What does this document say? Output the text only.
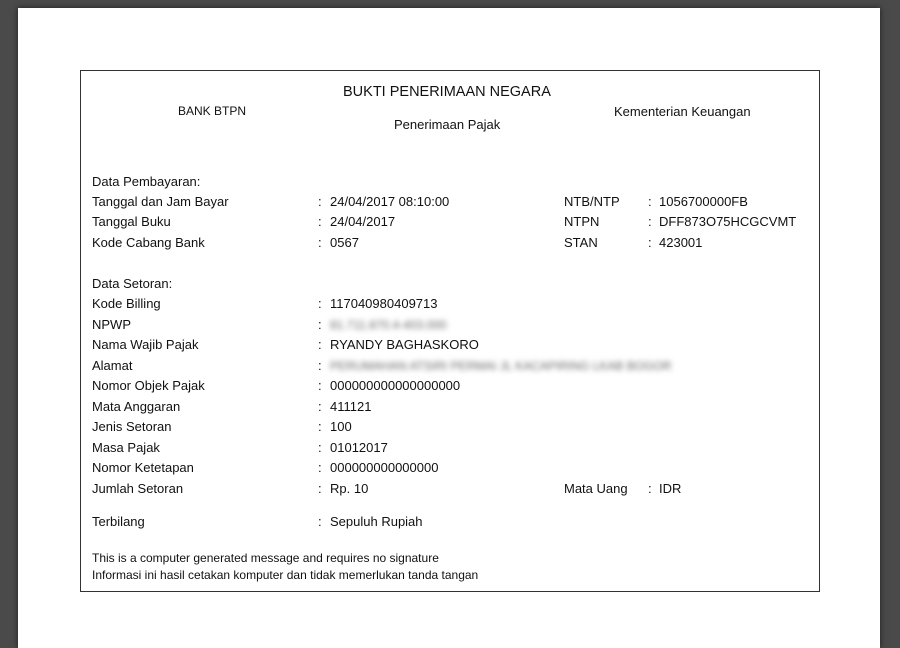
BUKTI PENERIMAAN NEGARA
BANK BTPN
Penerimaan Pajak
Kementerian Keuangan
Data Pembayaran:
Tanggal dan Jam Bayar	: 24/04/2017 08:10:00	NTB/NTP : 1056700000FB
Tanggal Buku	: 24/04/2017	NTPN	: DFF873O75HCGCVMT
Kode Cabang Bank	: 0567	STAN	: 423001
Data Setoran:
Kode Billing	: 117040980409713
NPWP	: 81.711.870.4-403.000
Nama Wajib Pajak	: RYANDY BAGHASKORO
Alamat	: PERUMAHAN ATSIRI PERMAI JL KACAPIRING LKAB BOGOR
Nomor Objek Pajak	: 000000000000000000
Mata Anggaran	: 411121
Jenis Setoran	: 100
Masa Pajak	: 01012017
Nomor Ketetapan	: 000000000000000
Jumlah Setoran	: Rp. 10	Mata Uang : IDR
Terbilang	: Sepuluh Rupiah
This is a computer generated message and requires no signature
Informasi ini hasil cetakan komputer dan tidak memerlukan tanda tangan
